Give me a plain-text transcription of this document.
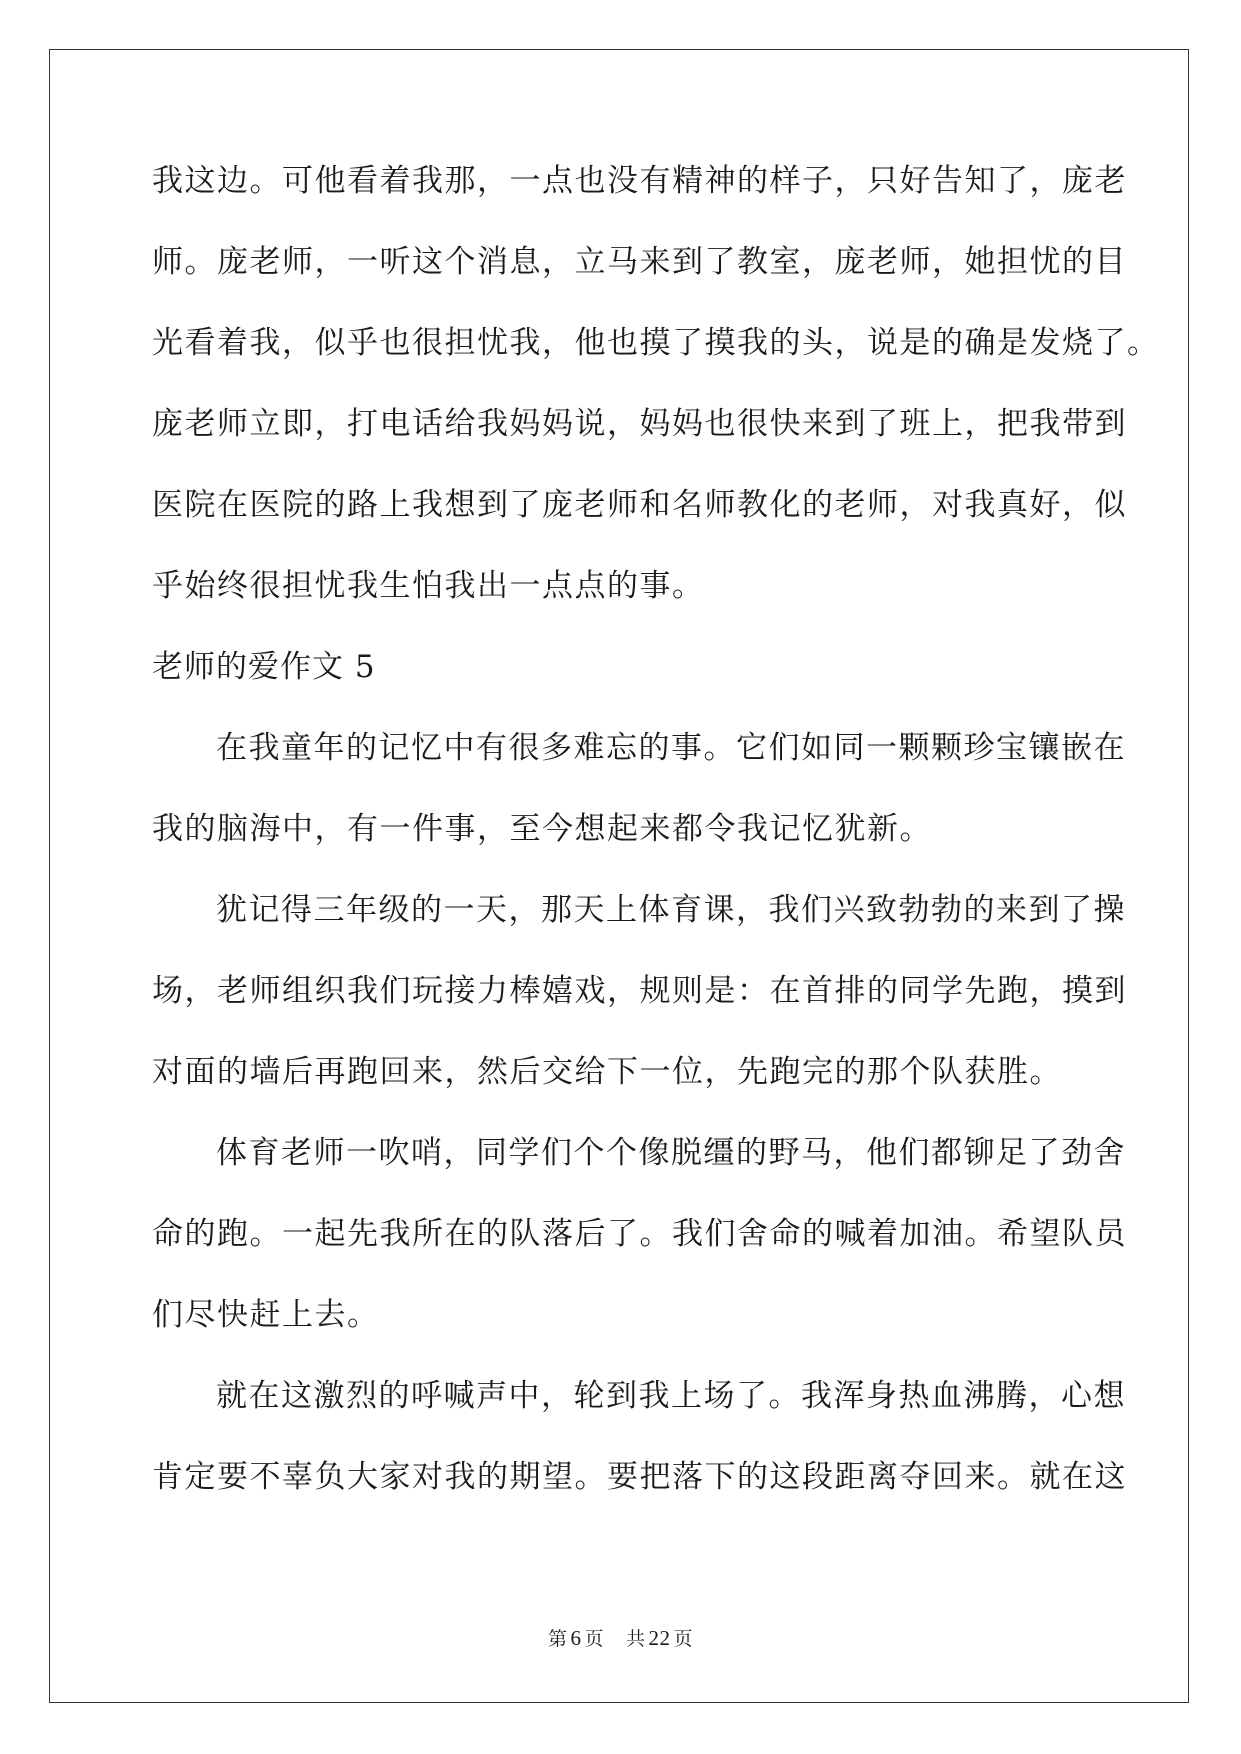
我这边。可他看着我那，一点也没有精神的样子，只好告知了，庞老
师。庞老师，一听这个消息，立马来到了教室，庞老师，她担忧的目
光看着我，似乎也很担忧我，他也摸了摸我的头，说是的确是发烧了。
庞老师立即，打电话给我妈妈说，妈妈也很快来到了班上，把我带到
医院在医院的路上我想到了庞老师和名师教化的老师，对我真好，似
乎始终很担忧我生怕我出一点点的事。
老师的爱作文 5
在我童年的记忆中有很多难忘的事。它们如同一颗颗珍宝镶嵌在
我的脑海中，有一件事，至今想起来都令我记忆犹新。
犹记得三年级的一天，那天上体育课，我们兴致勃勃的来到了操
场，老师组织我们玩接力棒嬉戏，规则是：在首排的同学先跑，摸到
对面的墙后再跑回来，然后交给下一位，先跑完的那个队获胜。
体育老师一吹哨，同学们个个像脱缰的野马，他们都铆足了劲舍
命的跑。一起先我所在的队落后了。我们舍命的喊着加油。希望队员
们尽快赶上去。
就在这激烈的呼喊声中，轮到我上场了。我浑身热血沸腾，心想
肯定要不辜负大家对我的期望。要把落下的这段距离夺回来。就在这
第 6 页 共 22 页
